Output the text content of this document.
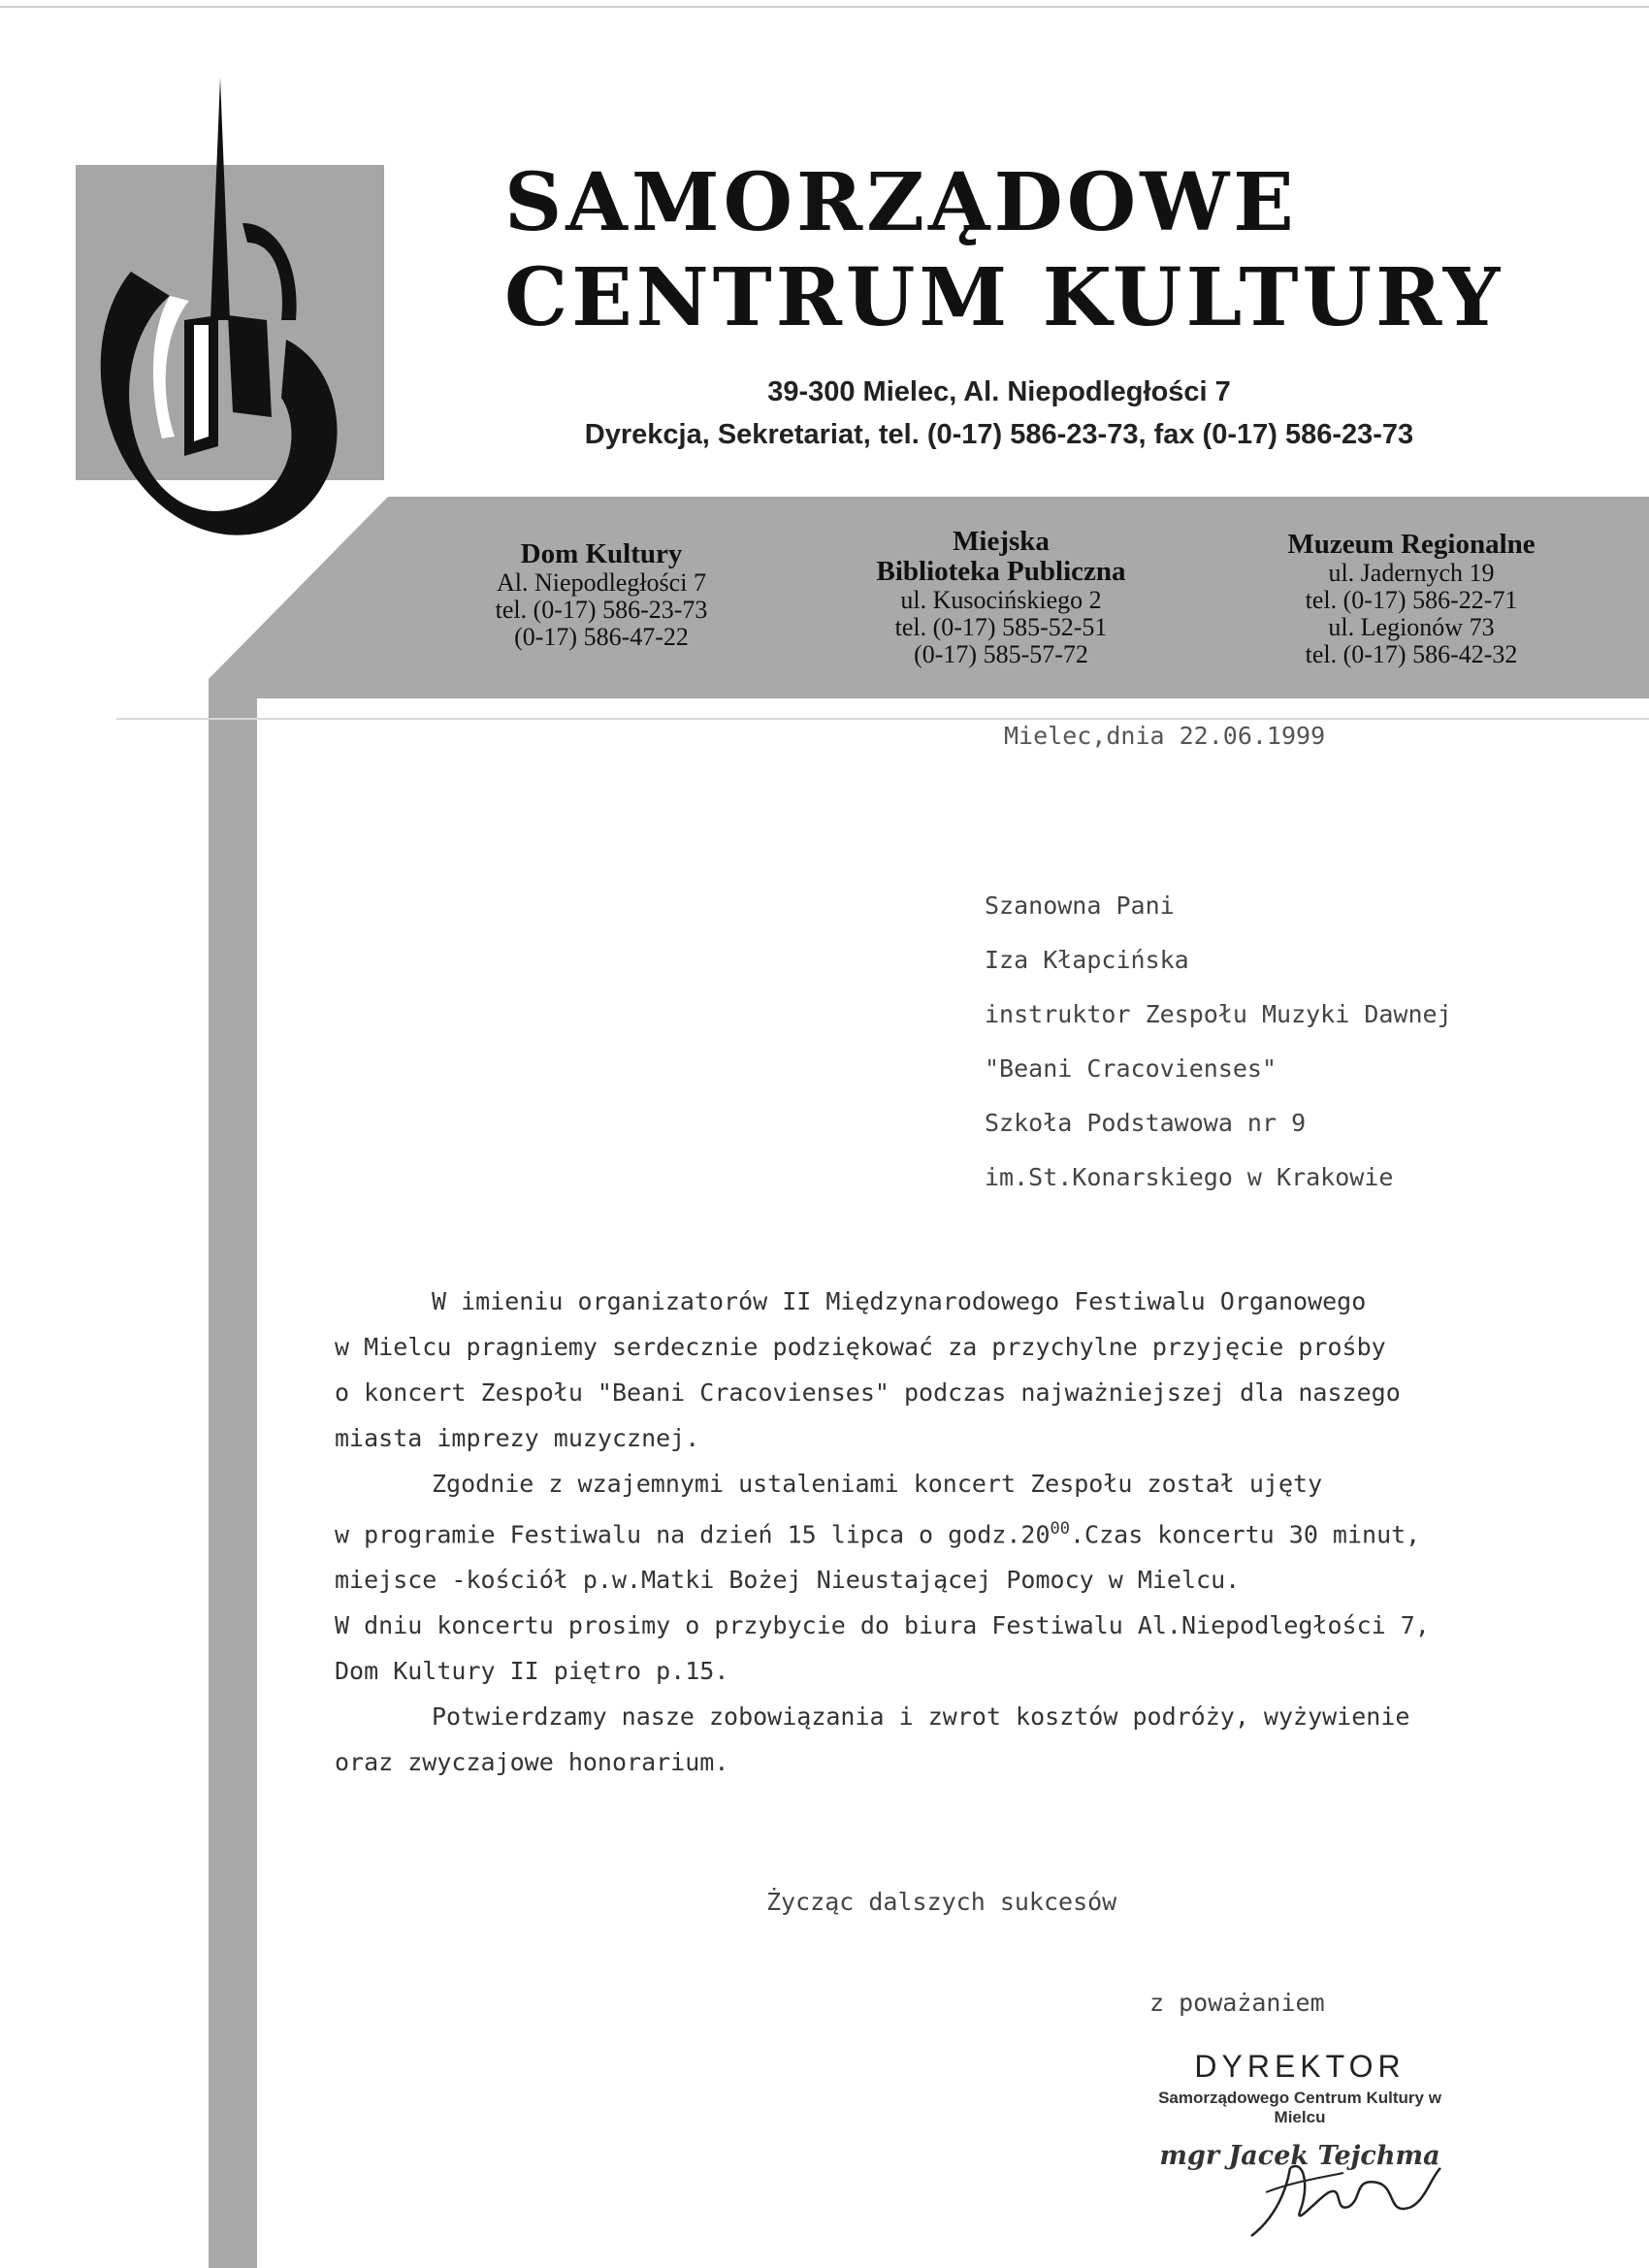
SAMORZĄDOWE
CENTRUM KULTURY
39-300 Mielec, Al. Niepodległości 7
Dyrekcja, Sekretariat, tel. (0-17) 586-23-73, fax (0-17) 586-23-73
Dom Kultury
Al. Niepodległości 7
tel. (0-17) 586-23-73
(0-17) 586-47-22
Miejska
Biblioteka Publiczna
ul. Kusocińskiego 2
tel. (0-17) 585-52-51
(0-17) 585-57-72
Muzeum Regionalne
ul. Jadernych 19
tel. (0-17) 586-22-71
ul. Legionów 73
tel. (0-17) 586-42-32

Mielec,dnia 22.06.1999

Szanowna Pani
Iza Kłapcińska
instruktor Zespołu Muzyki Dawnej
"Beani Cracovienses"
Szkoła Podstawowa nr 9
im.St.Konarskiego w Krakowie

W imieniu organizatorów II Międzynarodowego Festiwalu Organowego

w Mielcu pragniemy serdecznie podziękować za przychylne przyjęcie prośby

o koncert Zespołu "Beani Cracovienses" podczas najważniejszej dla naszego

miasta imprezy muzycznej.

Zgodnie z wzajemnymi ustaleniami koncert Zespołu został ujęty

w programie Festiwalu na dzień 15 lipca o $godz.20^{00}.Czas$ koncertu 30 minut,

miejsce -kościół p.w.Matki Bożej Nieustającej Pomocy w Mielcu.

W dniu koncertu prosimy o przybycie do biura Festiwalu Al.Niepodległości 7,

Dom Kultury II piętro p.15.

Potwierdzamy nasze zobowiązania i zwrot kosztów podróży, wyżywienie

oraz zwyczajowe honorarium.

Życząc dalszych sukcesów

z poważaniem

DYREKTOR
Samorządowego Centrum Kultury w Mielcu
mgr Jacek Tejchma
